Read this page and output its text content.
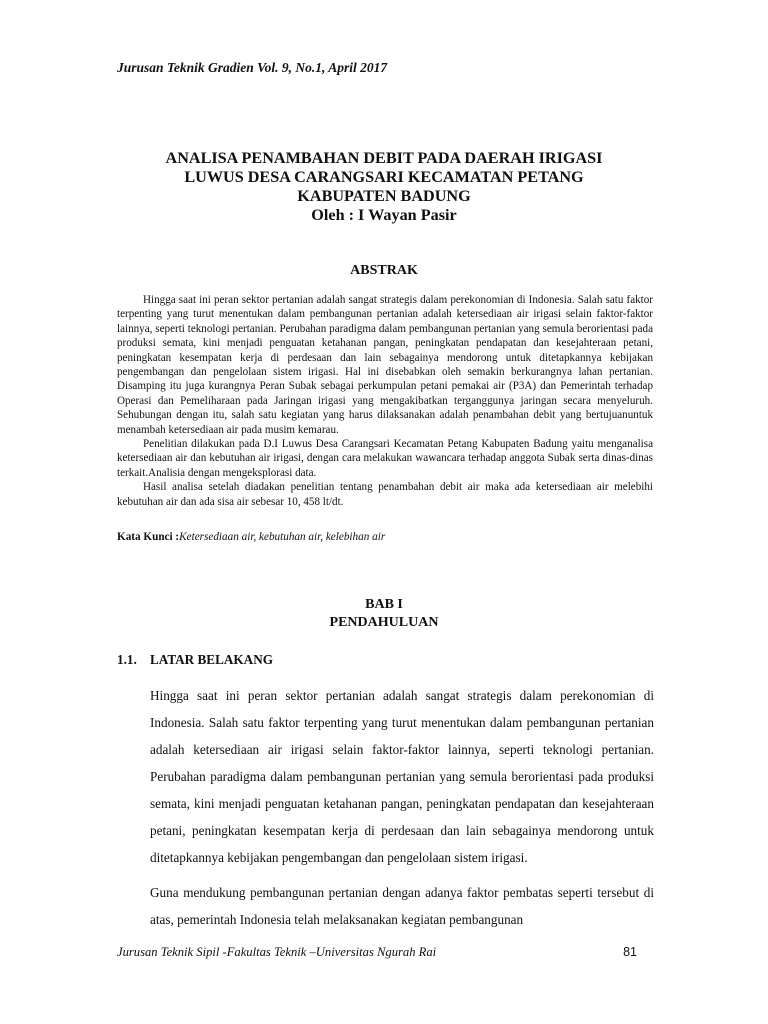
Jurusan Teknik Gradien Vol. 9, No.1, April 2017
ANALISA PENAMBAHAN DEBIT PADA DAERAH IRIGASI
LUWUS DESA CARANGSARI KECAMATAN PETANG
KABUPATEN BADUNG
Oleh : I Wayan Pasir
ABSTRAK

Hingga saat ini peran sektor pertanian adalah sangat strategis dalam perekonomian di Indonesia. Salah satu faktor terpenting yang turut menentukan dalam pembangunan pertanian adalah ketersediaan air irigasi selain faktor-faktor lainnya, seperti teknologi pertanian. Perubahan paradigma dalam pembangunan pertanian yang semula berorientasi pada produksi semata, kini menjadi penguatan ketahanan pangan, peningkatan pendapatan dan kesejahteraan petani, peningkatan kesempatan kerja di perdesaan dan lain sebagainya mendorong untuk ditetapkannya kebijakan pengembangan dan pengelolaan sistem irigasi. Hal ini disebabkan oleh semakin berkurangnya lahan pertanian. Disamping itu juga kurangnya Peran Subak sebagai perkumpulan petani pemakai air (P3A) dan Pemerintah terhadap Operasi dan Pemeliharaan pada Jaringan irigasi yang mengakibatkan terganggunya jaringan secara menyeluruh. Sehubungan dengan itu, salah satu kegiatan yang harus dilaksanakan adalah penambahan debit yang bertujuanuntuk menambah ketersediaan air pada musim kemarau.

Penelitian dilakukan pada D.I Luwus Desa Carangsari Kecamatan Petang Kabupaten Badung yaitu menganalisa ketersediaan air dan kebutuhan air irigasi, dengan cara melakukan wawancara terhadap anggota Subak serta dinas-dinas terkait.Analisia dengan mengeksplorasi data.

Hasil analisa setelah diadakan penelitian tentang penambahan debit air maka ada ketersediaan air melebihi kebutuhan air dan ada sisa air sebesar 10, 458 lt/dt.

Kata Kunci :Ketersediaan air, kebutuhan air, kelebihan air
BAB I
PENDAHULUAN
1.1. LATAR BELAKANG

Hingga saat ini peran sektor pertanian adalah sangat strategis dalam perekonomian di Indonesia. Salah satu faktor terpenting yang turut menentukan dalam pembangunan pertanian adalah ketersediaan air irigasi selain faktor-faktor lainnya, seperti teknologi pertanian. Perubahan paradigma dalam pembangunan pertanian yang semula berorientasi pada produksi semata, kini menjadi penguatan ketahanan pangan, peningkatan pendapatan dan kesejahteraan petani, peningkatan kesempatan kerja di perdesaan dan lain sebagainya mendorong untuk ditetapkannya kebijakan pengembangan dan pengelolaan sistem irigasi.

Guna mendukung pembangunan pertanian dengan adanya faktor pembatas seperti tersebut di atas, pemerintah Indonesia telah melaksanakan kegiatan pembangunan

Jurusan Teknik Sipil -Fakultas Teknik –Universitas Ngurah Rai	81
